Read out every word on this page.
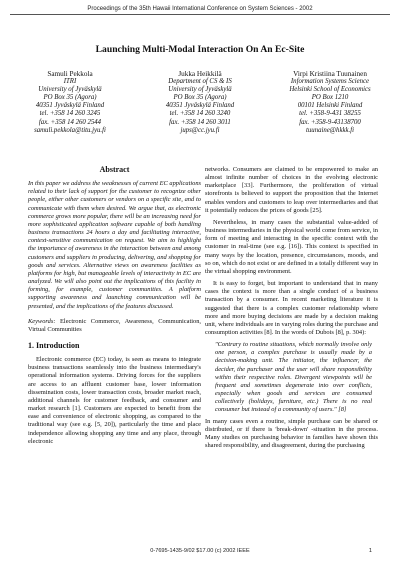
Proceedings of the 35th Hawaii International Conference on System Sciences - 2002
Launching Multi-Modal Interaction On An Ec-Site
Samuli Pekkola
ITRI
University of Jyväskylä
PO Box 35 (Agora)
40351 Jyväskylä Finland
tel. +358 14 260 3245
fax. +358 14 260 2544
samuli.pekkola@titu.jyu.fi
Jukka Heikkilä
Department of CS & IS
University of Jyväskylä
PO Box 35 (Agora)
40351 Jyväskylä Finland
tel. +358 14 260 3240
fax. +358 14 260 3011
jups@cc.jyu.fi
Virpi Kristiina Tuunainen
Information Systems Science
Helsinki School of Economics
PO Box 1210
00101 Helsinki Finland
tel. +358-9-431 38255
fax. +358-9-43138700
tuunaine@hkkk.fi
Abstract

In this paper we address the weaknesses of current EC applications related to their lack of support for the customer to recognize other people, either other customers or vendors on a specific site, and to communicate with them when desired. We argue that, as electronic commerce grows more popular, there will be an increasing need for more sophisticated application software capable of both handling business transactions 24 hours a day and facilitating interactive, context-sensitive communication on request. We aim to highlight the importance of awareness in the interaction between and among customers and suppliers in producing, delivering, and shopping for goods and services. Alternative views on awareness facilities as platforms for high, but manageable levels of interactivity in EC are analyzed. We will also point out the implications of this facility in forming, for example, customer communities. A platform supporting awareness and launching communication will be presented, and the implications of the features discussed.

Keywords: Electronic Commerce, Awareness, Communication, Virtual Communities

1. Introduction

Electronic commerce (EC) today, is seen as means to integrate business transactions seamlessly into the business intermediary's operational information systems. Driving forces for the suppliers are access to an affluent customer base, lower information dissemination costs, lower transaction costs, broader market reach, additional channels for customer feedback, and consumer and market research [1]. Customers are expected to benefit from the ease and convenience of electronic shopping, as compared to the traditional way (see e.g. [5, 20]), particularly the time and place independence allowing shopping any time and any place, through electronic

networks. Consumers are claimed to be empowered to make an almost infinite number of choices in the evolving electronic marketplace [33]. Furthermore, the proliferation of virtual storefronts is believed to support the proposition that the Internet enables vendors and customers to leap over intermediaries and that it potentially reduces the prices of goods [25].

Nevertheless, in many cases the substantial value-added of business intermediaries in the physical world come from service, in form of meeting and interacting in the specific context with the customer in real-time (see e.g. [16]). This context is specified in many ways by the location, presence, circumstances, moods, and so on, which do not exist or are defined in a totally different way in the virtual shopping environment.

It is easy to forget, but important to understand that in many cases the context is more than a single conduct of a business transaction by a consumer. In recent marketing literature it is suggested that there is a complex customer relationship where more and more buying decisions are made by a decision making unit, where individuals are in varying roles during the purchase and consumption activities [8]. In the words of Dubois [8], p. 304):

"Contrary to routine situations, which normally involve only one person, a complex purchase is usually made by a decision-making unit. The initiator, the influencer, the decider, the purchaser and the user will share responsibility within their respective roles. Divergent viewpoints will be frequent and sometimes degenerate into over conflicts, especially when goods and services are consumed collectively (holidays, furniture, etc.) There is no real consumer but instead of a community of users." [8]

In many cases even a routine, simple purchase can be shared or distributed, or if there is 'break-down' -situation in the process. Many studies on purchasing behavior in families have shown this shared responsibility, and disagreement, during the purchasing

0-7695-1435-9/02 $17.00 (c) 2002 IEEE	1
